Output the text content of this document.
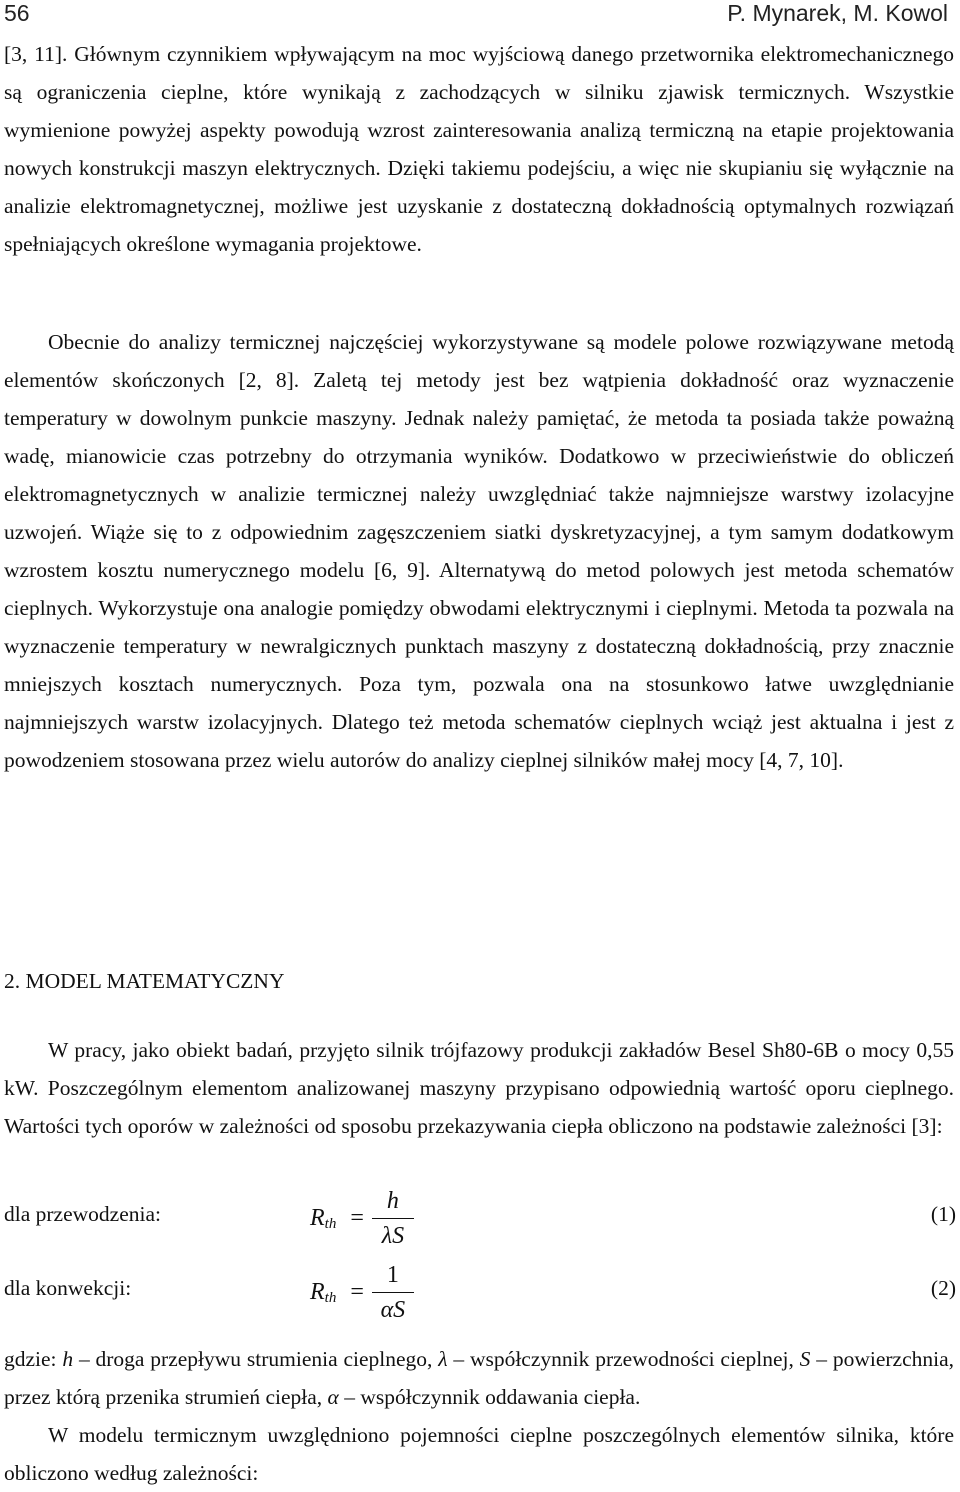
56	P. Mynarek, M. Kowol

[3, 11]. Głównym czynnikiem wpływającym na moc wyjściową danego przetwornika elektromechanicznego są ograniczenia cieplne, które wynikają z zachodzących w silniku zjawisk termicznych. Wszystkie wymienione powyżej aspekty powodują wzrost zainteresowania analizą termiczną na etapie projektowania nowych konstrukcji maszyn elektrycznych. Dzięki takiemu podejściu, a więc nie skupianiu się wyłącznie na analizie elektromagnetycznej, możliwe jest uzyskanie z dostateczną dokładnością optymalnych rozwiązań spełniających określone wymagania projektowe.

Obecnie do analizy termicznej najczęściej wykorzystywane są modele polowe rozwiązywane metodą elementów skończonych [2, 8]. Zaletą tej metody jest bez wątpienia dokładność oraz wyznaczenie temperatury w dowolnym punkcie maszyny. Jednak należy pamiętać, że metoda ta posiada także poważną wadę, mianowicie czas potrzebny do otrzymania wyników. Dodatkowo w przeciwieństwie do obliczeń elektromagnetycznych w analizie termicznej należy uwzględniać także najmniejsze warstwy izolacyjne uzwojeń. Wiąże się to z odpowiednim zagęszczeniem siatki dyskretyzacyjnej, a tym samym dodatkowym wzrostem kosztu numerycznego modelu [6, 9]. Alternatywą do metod polowych jest metoda schematów cieplnych. Wykorzystuje ona analogie pomiędzy obwodami elektrycznymi i cieplnymi. Metoda ta pozwala na wyznaczenie temperatury w newralgicznych punktach maszyny z dostateczną dokładnością, przy znacznie mniejszych kosztach numerycznych. Poza tym, pozwala ona na stosunkowo łatwe uwzględnianie najmniejszych warstw izolacyjnych. Dlatego też metoda schematów cieplnych wciąż jest aktualna i jest z powodzeniem stosowana przez wielu autorów do analizy cieplnej silników małej mocy [4, 7, 10].

2. MODEL MATEMATYCZNY

W pracy, jako obiekt badań, przyjęto silnik trójfazowy produkcji zakładów Besel Sh80-6B o mocy 0,55 kW. Poszczególnym elementom analizowanej maszyny przypisano odpowiednią wartość oporu cieplnego. Wartości tych oporów w zależności od sposobu przekazywania ciepła obliczono na podstawie zależności [3]:

dla przewodzenia:	R th = $\frac{h}{\lambda S}$	(1)
dla konwekcji:	R th = $\frac{1}{\alpha S}$	(2)

gdzie: h – droga przepływu strumienia cieplnego, λ – współczynnik przewodności cieplnej, S – powierzchnia, przez którą przenika strumień ciepła, α – współczynnik oddawania ciepła.

W modelu termicznym uwzględniono pojemności cieplne poszczególnych elementów silnika, które obliczono według zależności:
